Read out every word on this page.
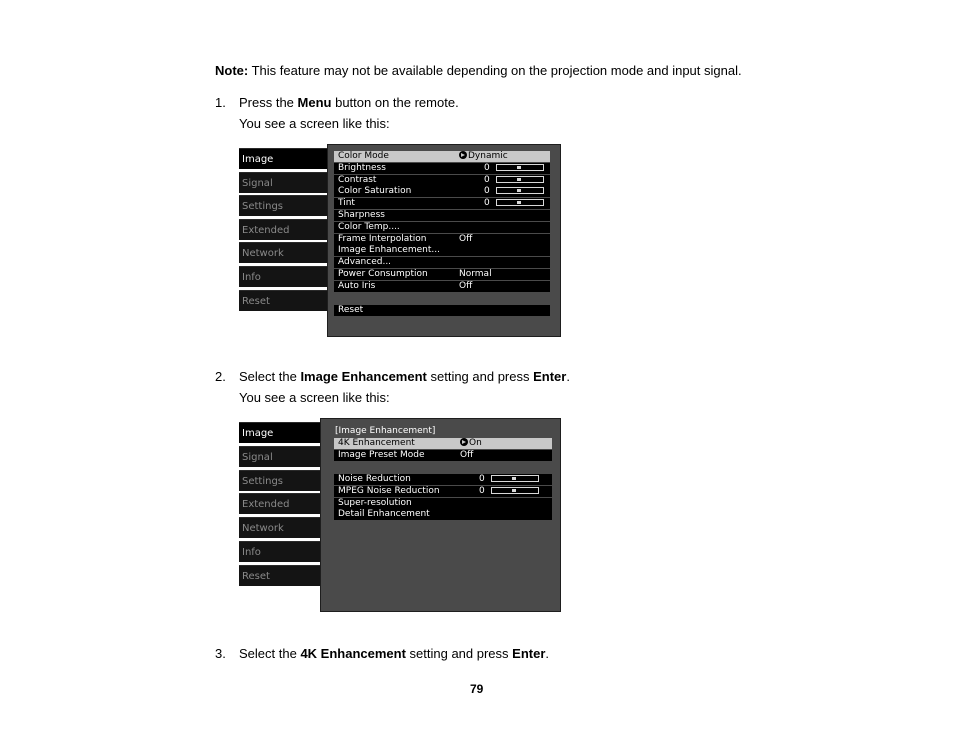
Note: This feature may not be available depending on the projection mode and input signal.
1. Press the Menu button on the remote.
You see a screen like this:
Image
Signal
Settings
Extended
Network
Info
Reset
Color Mode	Dynamic
Brightness	0
Contrast	0
Color Saturation	0
Tint	0
Sharpness
Color Temp....
Frame Interpolation	Off
Image Enhancement...
Advanced...
Power Consumption	Normal
Auto Iris	Off
Reset
2. Select the Image Enhancement setting and press Enter.
You see a screen like this:
Image
Signal
Settings
Extended
Network
Info
Reset
[Image Enhancement]
4K Enhancement	On
Image Preset Mode	Off
Noise Reduction	0
MPEG Noise Reduction	0
Super-resolution
Detail Enhancement
3. Select the 4K Enhancement setting and press Enter.
79
